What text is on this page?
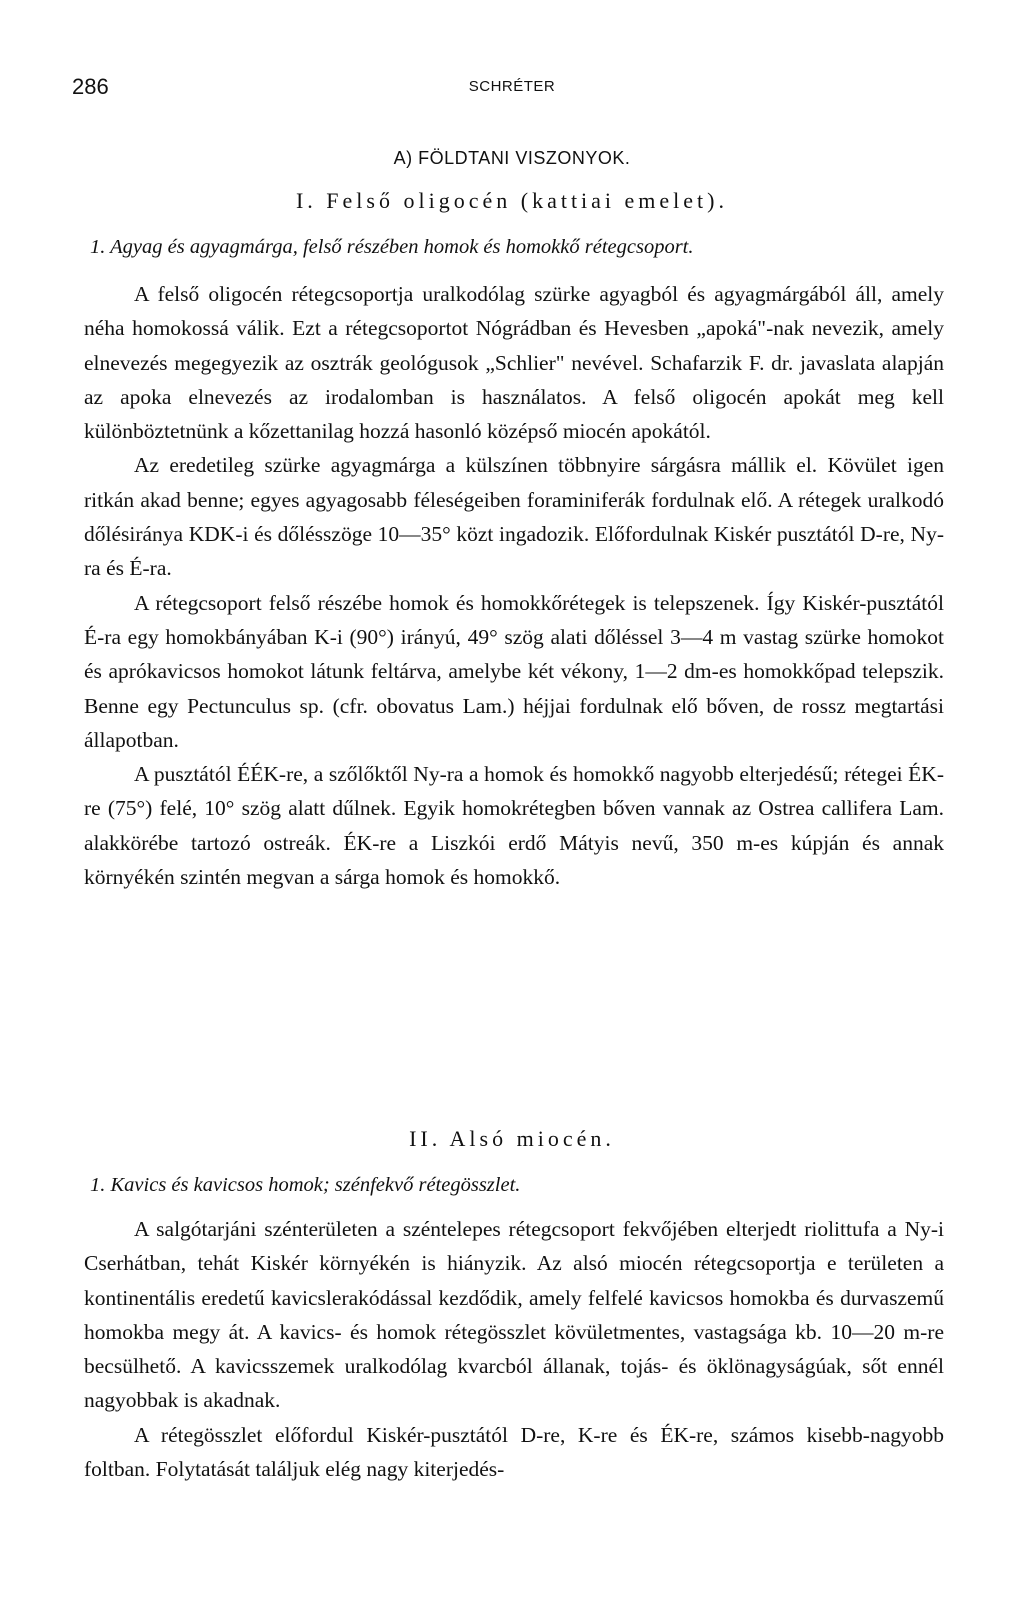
286	SCHRÉTER
A) FÖLDTANI VISZONYOK.
I. Felső oligocén (kattiai emelet).
1. Agyag és agyagmárga, felső részében homok és homokkő rétegcsoport.

A felső oligocén rétegcsoportja uralkodólag szürke agyagból és agyagmárgából áll, amely néha homokossá válik. Ezt a rétegcsoportot Nógrádban és Hevesben „apoká"-nak nevezik, amely elnevezés megegyezik az osztrák geológusok „Schlier" nevével. Schafarzik F. dr. javaslata alapján az apoka elnevezés az irodalomban is használatos. A felső oligocén apokát meg kell különböztetnünk a kőzettanilag hozzá hasonló középső miocén apokától.

Az eredetileg szürke agyagmárga a külszínen többnyire sárgásra mállik el. Kövület igen ritkán akad benne; egyes agyagosabb féleségeiben foraminiferák fordulnak elő. A rétegek uralkodó dőlésiránya KDK-i és dőlésszöge 10—35° közt ingadozik. Előfordulnak Kiskér pusztától D-re, Ny-ra és É-ra.

A rétegcsoport felső részébe homok és homokkőrétegek is telepszenek. Így Kiskér-pusztától É-ra egy homokbányában K-i (90°) irányú, 49° szög alati dőléssel 3—4 m vastag szürke homokot és aprókavicsos homokot látunk feltárva, amelybe két vékony, 1—2 dm-es homokkőpad telepszik. Benne egy Pectunculus sp. (cfr. obovatus Lam.) héjjai fordulnak elő bőven, de rossz megtartási állapotban.

A pusztától ÉÉK-re, a szőlőktől Ny-ra a homok és homokkő nagyobb elterjedésű; rétegei ÉK-re (75°) felé, 10° szög alatt dűlnek. Egyik homokrétegben bőven vannak az Ostrea callifera Lam. alakkörébe tartozó ostreák. ÉK-re a Liszkói erdő Mátyis nevű, 350 m-es kúpján és annak környékén szintén megvan a sárga homok és homokkő.

II. Alsó miocén.
1. Kavics és kavicsos homok; szénfekvő rétegösszlet.

A salgótarjáni szénterületen a széntelepes rétegcsoport fekvőjében elterjedt riolittufa a Ny-i Cserhátban, tehát Kiskér környékén is hiányzik. Az alsó miocén rétegcsoportja e területen a kontinentális eredetű kavicslerakódással kezdődik, amely felfelé kavicsos homokba és durvaszemű homokba megy át. A kavics- és homok rétegösszlet kövületmentes, vastagsága kb. 10—20 m-re becsülhető. A kavicsszemek uralkodólag kvarcból állanak, tojás- és öklönagyságúak, sőt ennél nagyobbak is akadnak.

A rétegösszlet előfordul Kiskér-pusztától D-re, K-re és ÉK-re, számos kisebb-nagyobb foltban. Folytatását találjuk elég nagy kiterjedés-
